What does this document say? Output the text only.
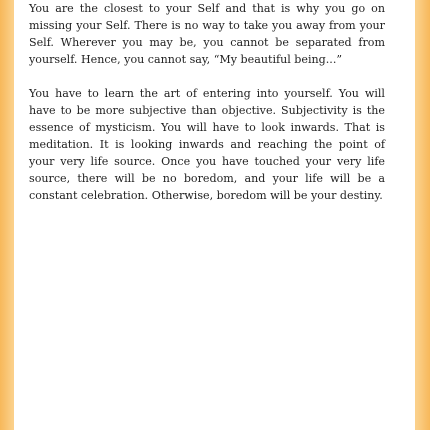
You are the closest to your Self and that is why you go on missing your Self. There is no way to take you away from your Self. Wherever you may be, you cannot be separated from yourself. Hence, you cannot say, “My beautiful being...”

You have to learn the art of entering into yourself. You will have to be more subjective than objective. Subjectivity is the essence of mysticism. You will have to look inwards. That is meditation. It is looking inwards and reaching the point of your very life source. Once you have touched your very life source, there will be no boredom, and your life will be a constant celebration. Otherwise, boredom will be your destiny.
